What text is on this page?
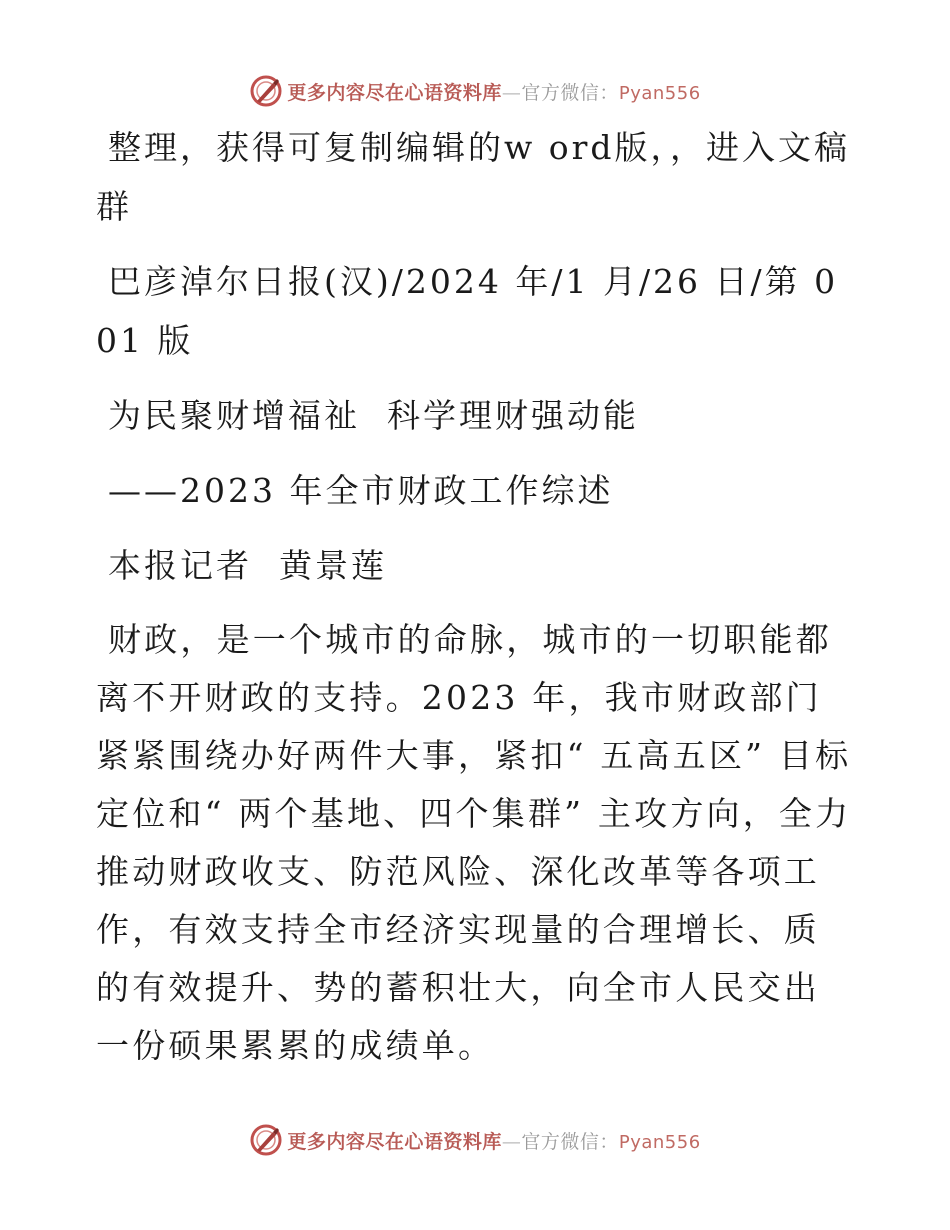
更多内容尽在心语资料库—官方微信：Pyan556

整理，获得可复制编辑的w ord版，，进入文稿群

巴彦淖尔日报(汉)/2024 年/1 月/26 日/第 001 版

为民聚财增福祉  科学理财强动能

——2023 年全市财政工作综述

本报记者  黄景莲

财政，是一个城市的命脉，城市的一切职能都离不开财政的支持。2023 年，我市财政部门紧紧围绕办好两件大事，紧扣“ 五高五区” 目标定位和“ 两个基地、四个集群” 主攻方向，全力推动财政收支、防范风险、深化改革等各项工作，有效支持全市经济实现量的合理增长、质的有效提升、势的蓄积壮大，向全市人民交出一份硕果累累的成绩单。

更多内容尽在心语资料库—官方微信：Pyan556
